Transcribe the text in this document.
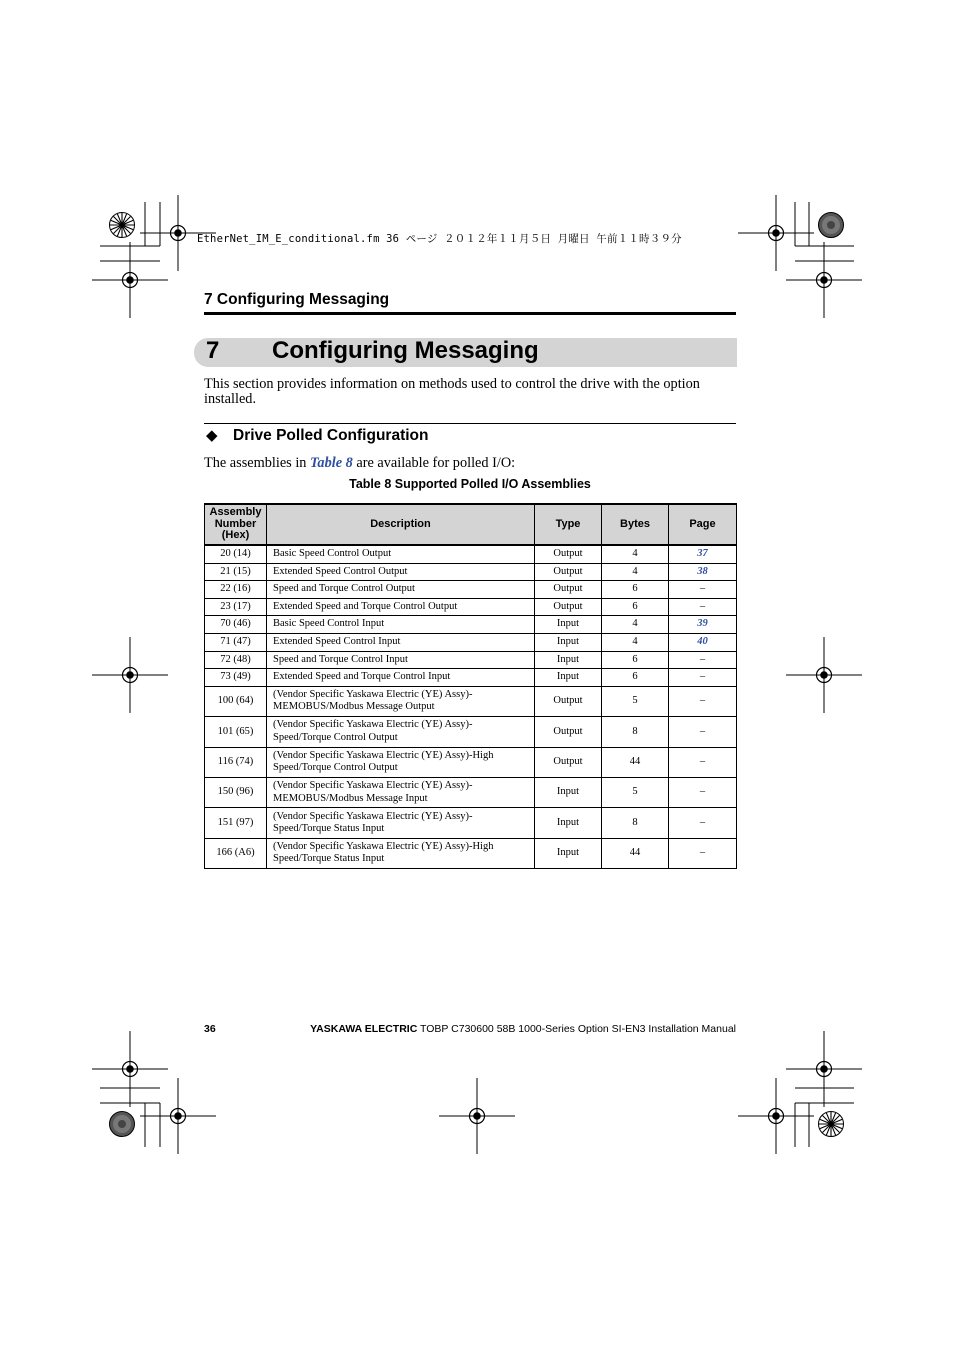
EtherNet_IM_E_conditional.fm 36 ページ ２０１２年１１月５日 月曜日 午前１１時３９分
7 Configuring Messaging
7 Configuring Messaging
This section provides information on methods used to control the drive with the option installed.
◆ Drive Polled Configuration
The assemblies in Table 8 are available for polled I/O:
Table 8 Supported Polled I/O Assemblies
Assembly Number (Hex)	Description	Type	Bytes	Page
20 (14)	Basic Speed Control Output	Output	4	37
21 (15)	Extended Speed Control Output	Output	4	38
22 (16)	Speed and Torque Control Output	Output	6	–
23 (17)	Extended Speed and Torque Control Output	Output	6	–
70 (46)	Basic Speed Control Input	Input	4	39
71 (47)	Extended Speed Control Input	Input	4	40
72 (48)	Speed and Torque Control Input	Input	6	–
73 (49)	Extended Speed and Torque Control Input	Input	6	–
100 (64)	(Vendor Specific Yaskawa Electric (YE) Assy)-MEMOBUS/Modbus Message Output	Output	5	–
101 (65)	(Vendor Specific Yaskawa Electric (YE) Assy)-Speed/Torque Control Output	Output	8	–
116 (74)	(Vendor Specific Yaskawa Electric (YE) Assy)-High Speed/Torque Control Output	Output	44	–
150 (96)	(Vendor Specific Yaskawa Electric (YE) Assy)-MEMOBUS/Modbus Message Input	Input	5	–
151 (97)	(Vendor Specific Yaskawa Electric (YE) Assy)-Speed/Torque Status Input	Input	8	–
166 (A6)	(Vendor Specific Yaskawa Electric (YE) Assy)-High Speed/Torque Status Input	Input	44	–
36	YASKAWA ELECTRIC TOBP C730600 58B 1000-Series Option SI-EN3 Installation Manual
